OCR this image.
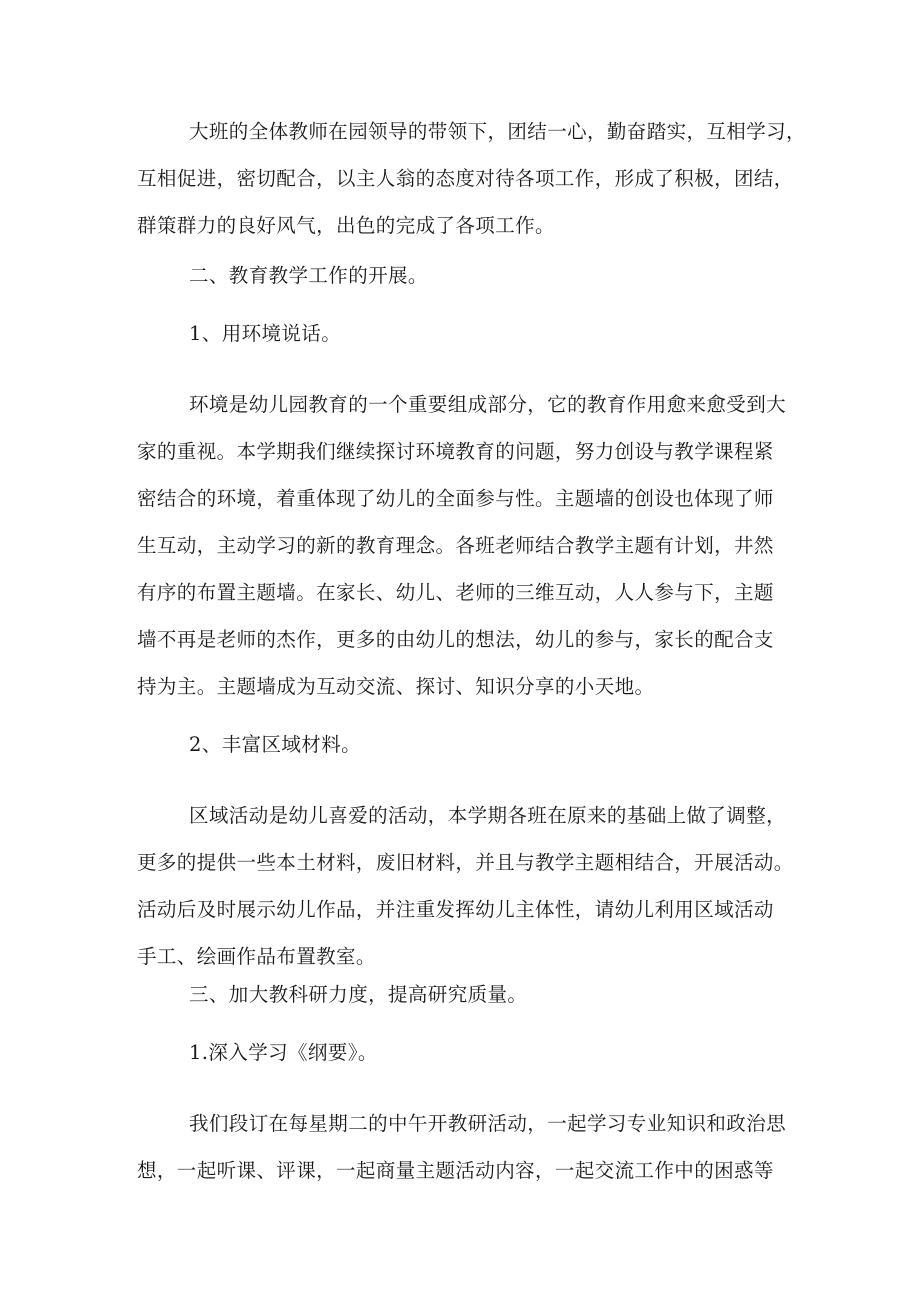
大班的全体教师在园领导的带领下，团结一心，勤奋踏实，互相学习，
互相促进，密切配合，以主人翁的态度对待各项工作，形成了积极，团结，
群策群力的良好风气，出色的完成了各项工作。
二、教育教学工作的开展。
1、用环境说话。
环境是幼儿园教育的一个重要组成部分，它的教育作用愈来愈受到大
家的重视。本学期我们继续探讨环境教育的问题，努力创设与教学课程紧
密结合的环境，着重体现了幼儿的全面参与性。主题墙的创设也体现了师
生互动，主动学习的新的教育理念。各班老师结合教学主题有计划，井然
有序的布置主题墙。在家长、幼儿、老师的三维互动，人人参与下，主题
墙不再是老师的杰作，更多的由幼儿的想法，幼儿的参与，家长的配合支
持为主。主题墙成为互动交流、探讨、知识分享的小天地。
2、丰富区域材料。
区域活动是幼儿喜爱的活动，本学期各班在原来的基础上做了调整，
更多的提供一些本土材料，废旧材料，并且与教学主题相结合，开展活动。
活动后及时展示幼儿作品，并注重发挥幼儿主体性，请幼儿利用区域活动
手工、绘画作品布置教室。
三、加大教科研力度，提高研究质量。
1.深入学习《纲要》。
我们段订在每星期二的中午开教研活动，一起学习专业知识和政治思
想，一起听课、评课，一起商量主题活动内容，一起交流工作中的困惑等
